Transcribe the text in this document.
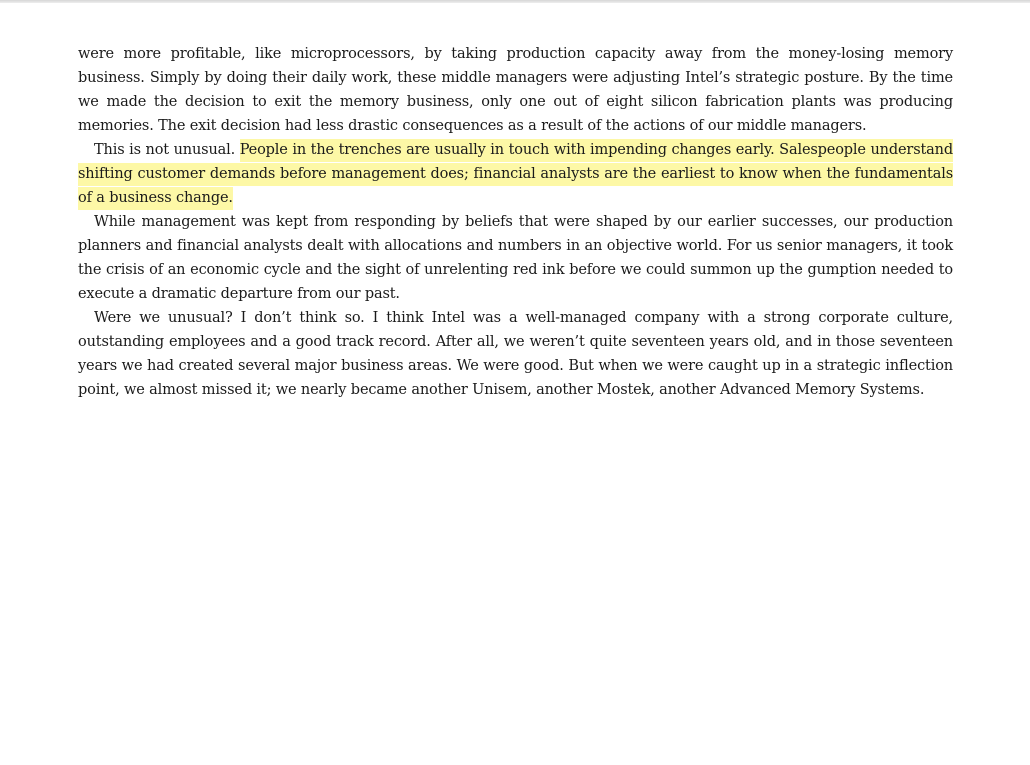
were more profitable, like microprocessors, by taking production capacity away from the money-losing memory business. Simply by doing their daily work, these middle managers were adjusting Intel’s strategic posture. By the time we made the decision to exit the memory business, only one out of eight silicon fabrication plants was producing memories. The exit decision had less drastic consequences as a result of the actions of our middle managers.

This is not unusual. People in the trenches are usually in touch with impending changes early. Salespeople understand shifting customer demands before management does; financial analysts are the earliest to know when the fundamentals of a business change.

While management was kept from responding by beliefs that were shaped by our earlier successes, our production planners and financial analysts dealt with allocations and numbers in an objective world. For us senior managers, it took the crisis of an economic cycle and the sight of unrelenting red ink before we could summon up the gumption needed to execute a dramatic departure from our past.

Were we unusual? I don’t think so. I think Intel was a well-managed company with a strong corporate culture, outstanding employees and a good track record. After all, we weren’t quite seventeen years old, and in those seventeen years we had created several major business areas. We were good. But when we were caught up in a strategic inflection point, we almost missed it; we nearly became another Unisem, another Mostek, another Advanced Memory Systems.
